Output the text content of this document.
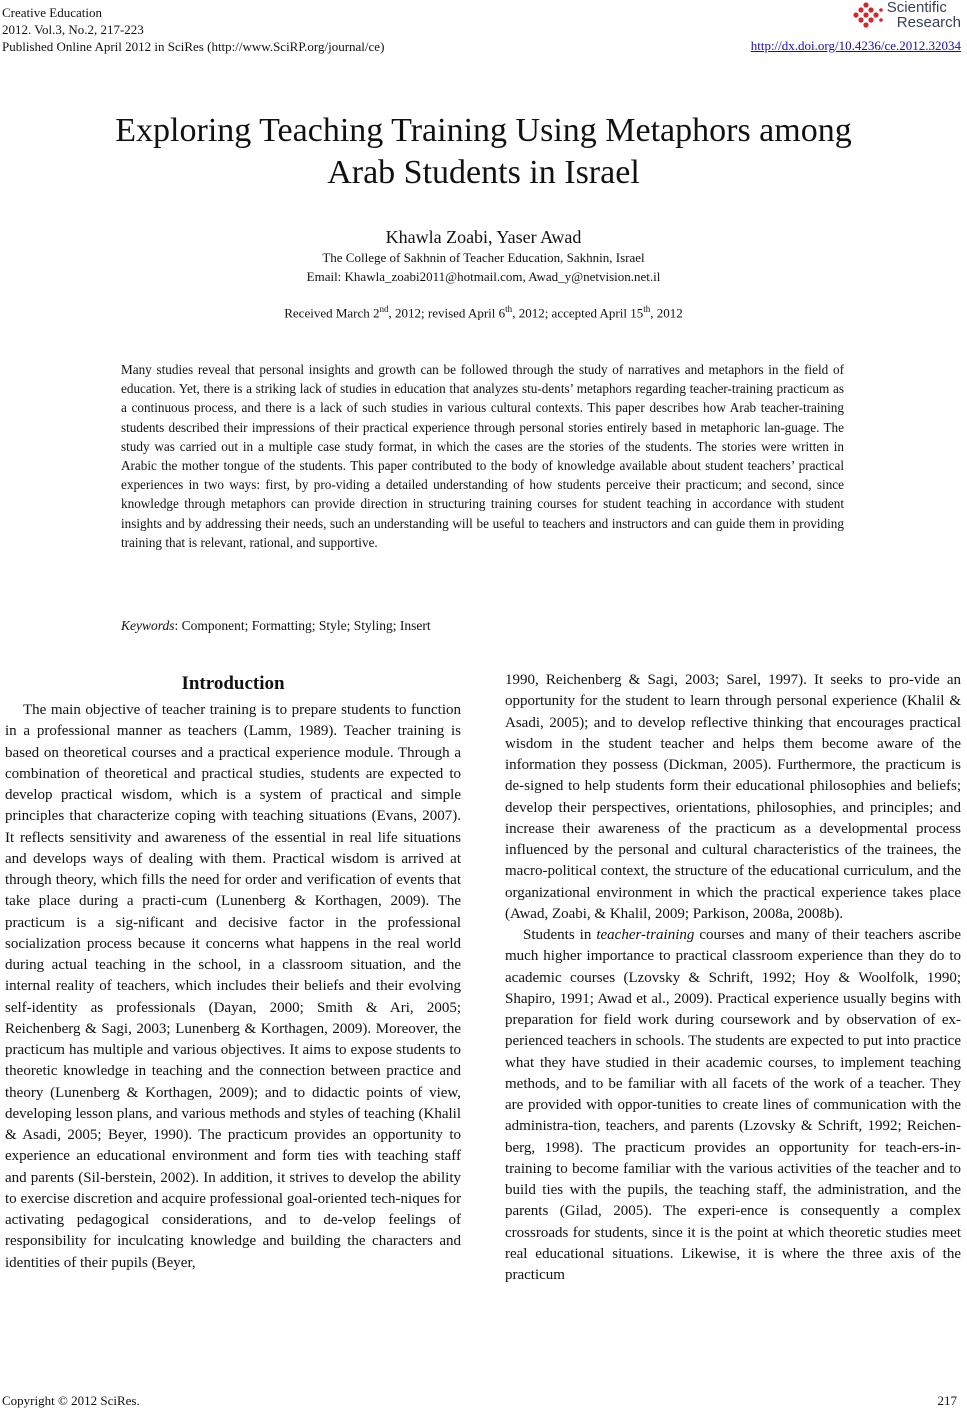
Creative Education
2012. Vol.3, No.2, 217-223
Published Online April 2012 in SciRes (http://www.SciRP.org/journal/ce)
Scientific
Research
http://dx.doi.org/10.4236/ce.2012.32034
Exploring Teaching Training Using Metaphors among
Arab Students in Israel
Khawla Zoabi, Yaser Awad
The College of Sakhnin of Teacher Education, Sakhnin, Israel
Email: Khawla_zoabi2011@hotmail.com, Awad_y@netvision.net.il
Received March 2nd, 2012; revised April 6th, 2012; accepted April 15th, 2012
Many studies reveal that personal insights and growth can be followed through the study of narratives and metaphors in the field of education. Yet, there is a striking lack of studies in education that analyzes stu-dents’ metaphors regarding teacher-training practicum as a continuous process, and there is a lack of such studies in various cultural contexts. This paper describes how Arab teacher-training students described their impressions of their practical experience through personal stories entirely based in metaphoric lan-guage. The study was carried out in a multiple case study format, in which the cases are the stories of the students. The stories were written in Arabic the mother tongue of the students. This paper contributed to the body of knowledge available about student teachers’ practical experiences in two ways: first, by pro-viding a detailed understanding of how students perceive their practicum; and second, since knowledge through metaphors can provide direction in structuring training courses for student teaching in accordance with student insights and by addressing their needs, such an understanding will be useful to teachers and instructors and can guide them in providing training that is relevant, rational, and supportive.
Keywords: Component; Formatting; Style; Styling; Insert
Introduction

The main objective of teacher training is to prepare students to function in a professional manner as teachers (Lamm, 1989). Teacher training is based on theoretical courses and a practical experience module. Through a combination of theoretical and practical studies, students are expected to develop practical wisdom, which is a system of practical and simple principles that characterize coping with teaching situations (Evans, 2007). It reflects sensitivity and awareness of the essential in real life situations and develops ways of dealing with them. Practical wisdom is arrived at through theory, which fills the need for order and verification of events that take place during a practi-cum (Lunenberg & Korthagen, 2009). The practicum is a sig-nificant and decisive factor in the professional socialization process because it concerns what happens in the real world during actual teaching in the school, in a classroom situation, and the internal reality of teachers, which includes their beliefs and their evolving self-identity as professionals (Dayan, 2000; Smith & Ari, 2005; Reichenberg & Sagi, 2003; Lunenberg & Korthagen, 2009). Moreover, the practicum has multiple and various objectives. It aims to expose students to theoretic knowledge in teaching and the connection between practice and theory (Lunenberg & Korthagen, 2009); and to didactic points of view, developing lesson plans, and various methods and styles of teaching (Khalil & Asadi, 2005; Beyer, 1990). The practicum provides an opportunity to experience an educational environment and form ties with teaching staff and parents (Sil-berstein, 2002). In addition, it strives to develop the ability to exercise discretion and acquire professional goal-oriented tech-niques for activating pedagogical considerations, and to de-velop feelings of responsibility for inculcating knowledge and building the characters and identities of their pupils (Beyer,

1990, Reichenberg & Sagi, 2003; Sarel, 1997). It seeks to pro-vide an opportunity for the student to learn through personal experience (Khalil & Asadi, 2005); and to develop reflective thinking that encourages practical wisdom in the student teacher and helps them become aware of the information they possess (Dickman, 2005). Furthermore, the practicum is de-signed to help students form their educational philosophies and beliefs; develop their perspectives, orientations, philosophies, and principles; and increase their awareness of the practicum as a developmental process influenced by the personal and cultural characteristics of the trainees, the macro-political context, the structure of the educational curriculum, and the organizational environment in which the practical experience takes place (Awad, Zoabi, & Khalil, 2009; Parkison, 2008a, 2008b).

Students in teacher-training courses and many of their teachers ascribe much higher importance to practical classroom experience than they do to academic courses (Lzovsky & Schrift, 1992; Hoy & Woolfolk, 1990; Shapiro, 1991; Awad et al., 2009). Practical experience usually begins with preparation for field work during coursework and by observation of ex-perienced teachers in schools. The students are expected to put into practice what they have studied in their academic courses, to implement teaching methods, and to be familiar with all facets of the work of a teacher. They are provided with oppor-tunities to create lines of communication with the administra-tion, teachers, and parents (Lzovsky & Schrift, 1992; Reichen-berg, 1998). The practicum provides an opportunity for teach-ers-in-training to become familiar with the various activities of the teacher and to build ties with the pupils, the teaching staff, the administration, and the parents (Gilad, 2005). The experi-ence is consequently a complex crossroads for students, since it is the point at which theoretic studies meet real educational situations. Likewise, it is where the three axis of the practicum

Copyright © 2012 SciRes.	217
